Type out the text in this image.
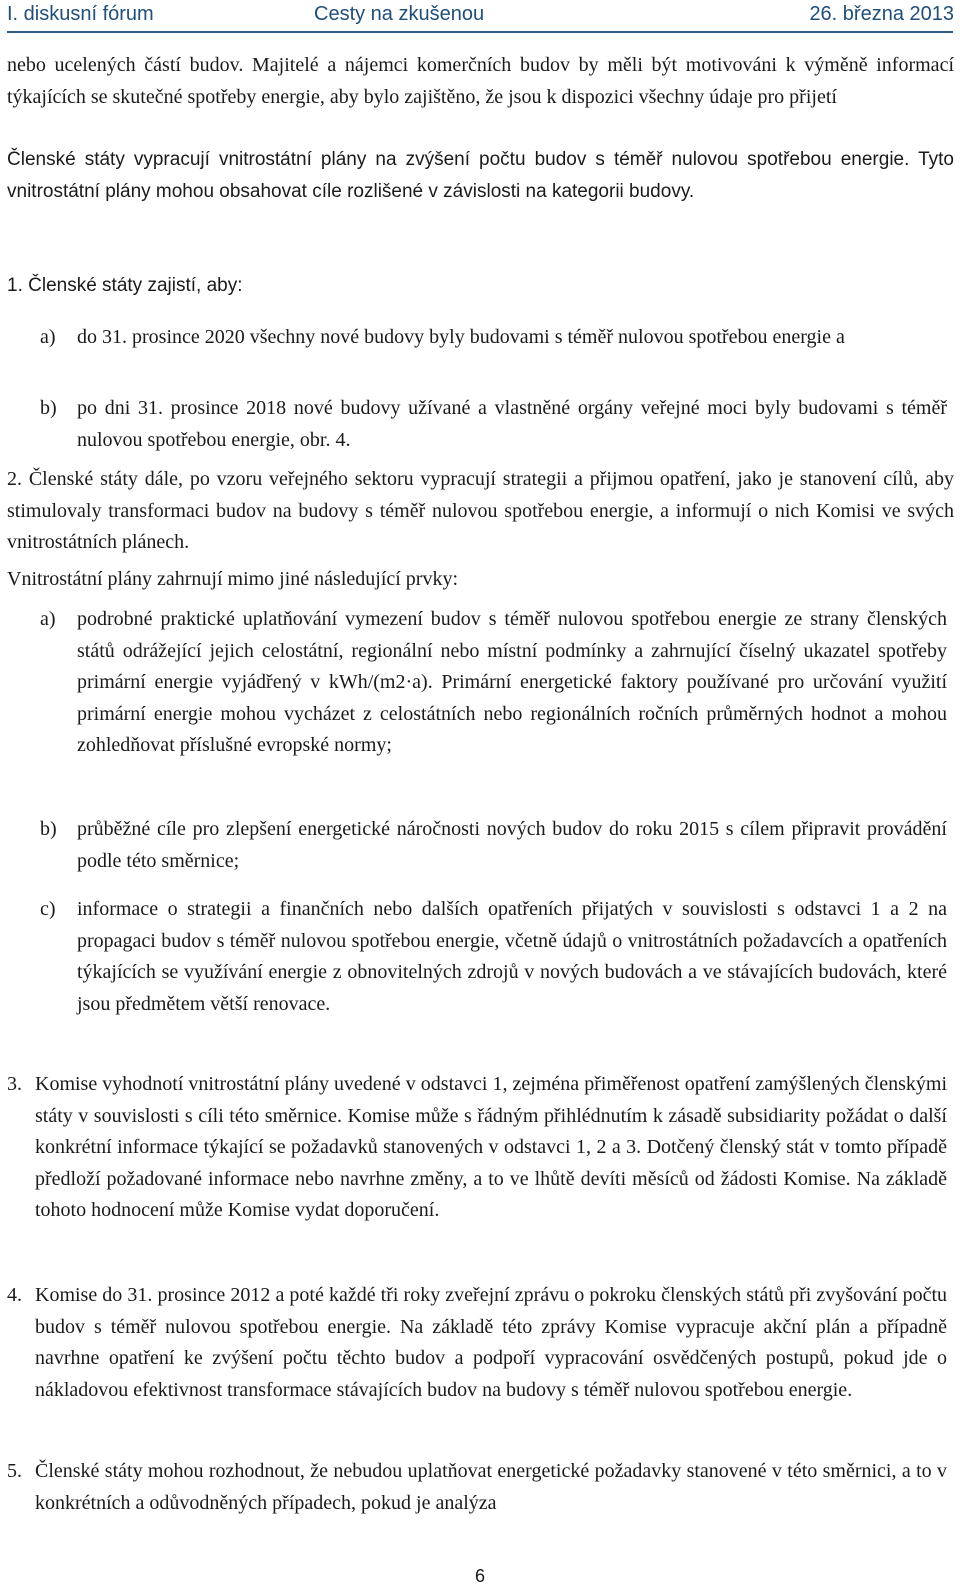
I. diskusní fórum	Cesty na zkušenou	26. března 2013

nebo ucelených částí budov. Majitelé a nájemci komerčních budov by měli být motivováni k výměně informací týkajících se skutečné spotřeby energie, aby bylo zajištěno, že jsou k dispozici všechny údaje pro přijetí

Členské státy vypracují vnitrostátní plány na zvýšení počtu budov s téměř nulovou spotřebou energie. Tyto vnitrostátní plány mohou obsahovat cíle rozlišené v závislosti na kategorii budovy.

1. Členské státy zajistí, aby:

a) do 31. prosince 2020 všechny nové budovy byly budovami s téměř nulovou spotřebou energie a

b) po dni 31. prosince 2018 nové budovy užívané a vlastněné orgány veřejné moci byly budovami s téměř nulovou spotřebou energie, obr. 4.

2. Členské státy dále, po vzoru veřejného sektoru vypracují strategii a přijmou opatření, jako je stanovení cílů, aby stimulovaly transformaci budov na budovy s téměř nulovou spotřebou energie, a informují o nich Komisi ve svých vnitrostátních plánech.

Vnitrostátní plány zahrnují mimo jiné následující prvky:

a) podrobné praktické uplatňování vymezení budov s téměř nulovou spotřebou energie ze strany členských států odrážející jejich celostátní, regionální nebo místní podmínky a zahrnující číselný ukazatel spotřeby primární energie vyjádřený v kWh/(m2·a). Primární energetické faktory používané pro určování využití primární energie mohou vycházet z celostátních nebo regionálních ročních průměrných hodnot a mohou zohledňovat příslušné evropské normy;

b) průběžné cíle pro zlepšení energetické náročnosti nových budov do roku 2015 s cílem připravit provádění podle této směrnice;

c) informace o strategii a finančních nebo dalších opatřeních přijatých v souvislosti s odstavci 1 a 2 na propagaci budov s téměř nulovou spotřebou energie, včetně údajů o vnitrostátních požadavcích a opatřeních týkajících se využívání energie z obnovitelných zdrojů v nových budovách a ve stávajících budovách, které jsou předmětem větší renovace.

3. Komise vyhodnotí vnitrostátní plány uvedené v odstavci 1, zejména přiměřenost opatření zamýšlených členskými státy v souvislosti s cíli této směrnice. Komise může s řádným přihlédnutím k zásadě subsidiarity požádat o další konkrétní informace týkající se požadavků stanovených v odstavci 1, 2 a 3. Dotčený členský stát v tomto případě předloží požadované informace nebo navrhne změny, a to ve lhůtě devíti měsíců od žádosti Komise. Na základě tohoto hodnocení může Komise vydat doporučení.

4. Komise do 31. prosince 2012 a poté každé tři roky zveřejní zprávu o pokroku členských států při zvyšování počtu budov s téměř nulovou spotřebou energie. Na základě této zprávy Komise vypracuje akční plán a případně navrhne opatření ke zvýšení počtu těchto budov a podpoří vypracování osvědčených postupů, pokud jde o nákladovou efektivnost transformace stávajících budov na budovy s téměř nulovou spotřebou energie.

5. Členské státy mohou rozhodnout, že nebudou uplatňovat energetické požadavky stanovené v této směrnici, a to v konkrétních a odůvodněných případech, pokud je analýza

6
